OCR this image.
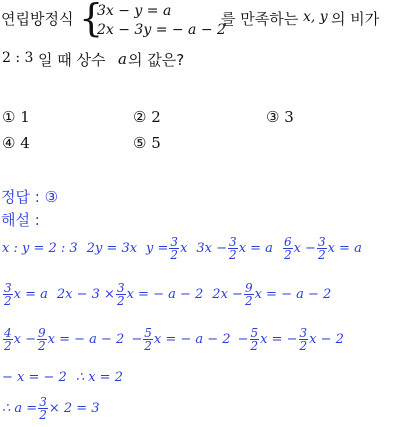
연립방정식 {
3x − y = a
2x − 3y = − a − 2
를 만족하는 x, y 의 비가
2 : 3 일 때 상수 a 의 값은?
① 1	② 2	③ 3
④ 4	⑤ 5
정답 : ③
해설 :
x : y = 2 : 3 2y = 3x $y = \frac{3}{2}$ x $3x - \frac{3}{2}$ x = a $\frac{6}{2}$ $x - \frac{3}{2}$ x = a
$\frac{3}{2}$ x = a $2x - 3 \times \frac{3}{2}$ x = − a − 2 $2x - \frac{9}{2}$ x = − a − 2
$\frac{4}{2}$ $x - \frac{9}{2}$ x = − $a - 2 - \frac{5}{2}$ x = − $a - 2 - \frac{5}{2}$ x = − $\frac{3}{2}$ x − 2
− x = − 2 ∴ x = 2
∴ $a = \frac{3}{2} \times 2 = 3$
